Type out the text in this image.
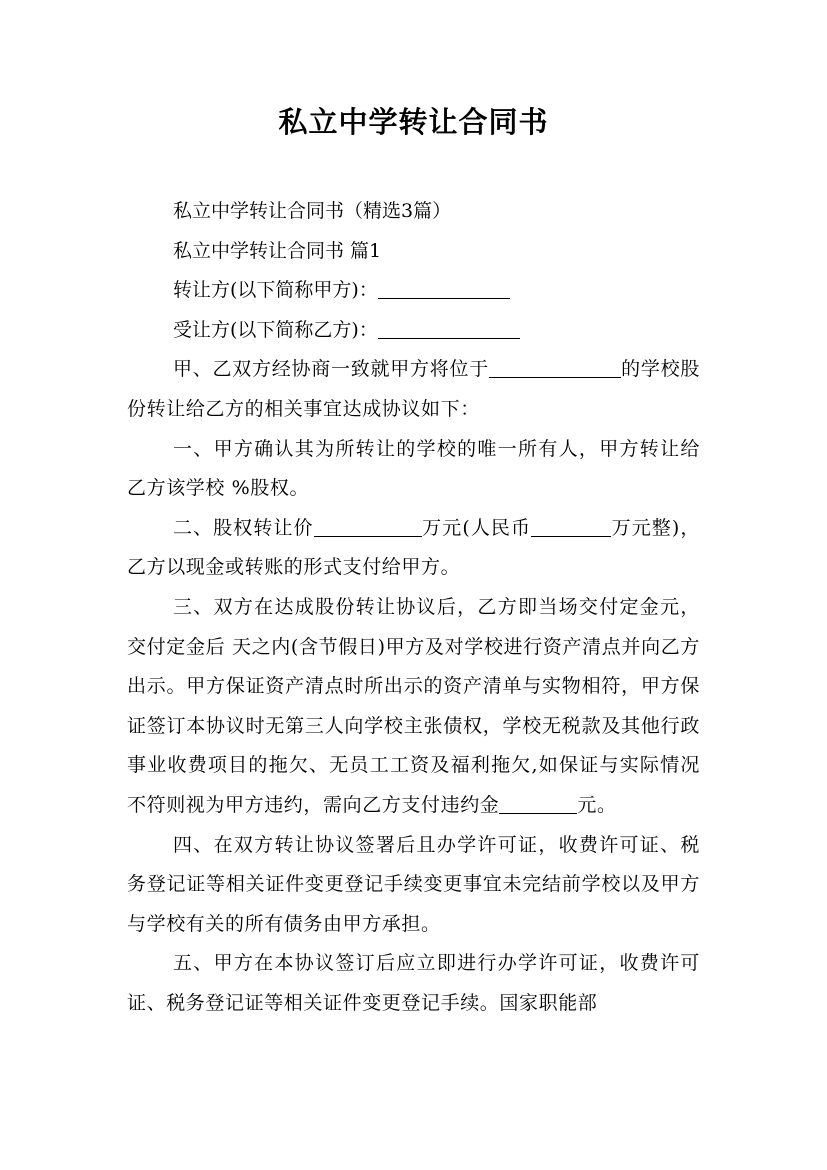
私立中学转让合同书

私立中学转让合同书（精选3篇）

私立中学转让合同书 篇1

转让方(以下简称甲方)：

受让方(以下简称乙方)：

甲、乙双方经协商一致就甲方将位于	的学校股份转让给乙方的相关事宜达成协议如下：

一、甲方确认其为所转让的学校的唯一所有人，甲方转让给乙方该学校 %股权。

二、股权转让价	万元(人民币	万元整)，乙方以现金或转账的形式支付给甲方。

三、双方在达成股份转让协议后，乙方即当场交付定金元，交付定金后 天之内(含节假日)甲方及对学校进行资产清点并向乙方出示。甲方保证资产清点时所出示的资产清单与实物相符，甲方保证签订本协议时无第三人向学校主张债权，学校无税款及其他行政事业收费项目的拖欠、无员工工资及福利拖欠,如保证与实际情况不符则视为甲方违约，需向乙方支付违约金	元。

四、在双方转让协议签署后且办学许可证，收费许可证、税务登记证等相关证件变更登记手续变更事宜未完结前学校以及甲方与学校有关的所有债务由甲方承担。

五、甲方在本协议签订后应立即进行办学许可证，收费许可证、税务登记证等相关证件变更登记手续。国家职能部
